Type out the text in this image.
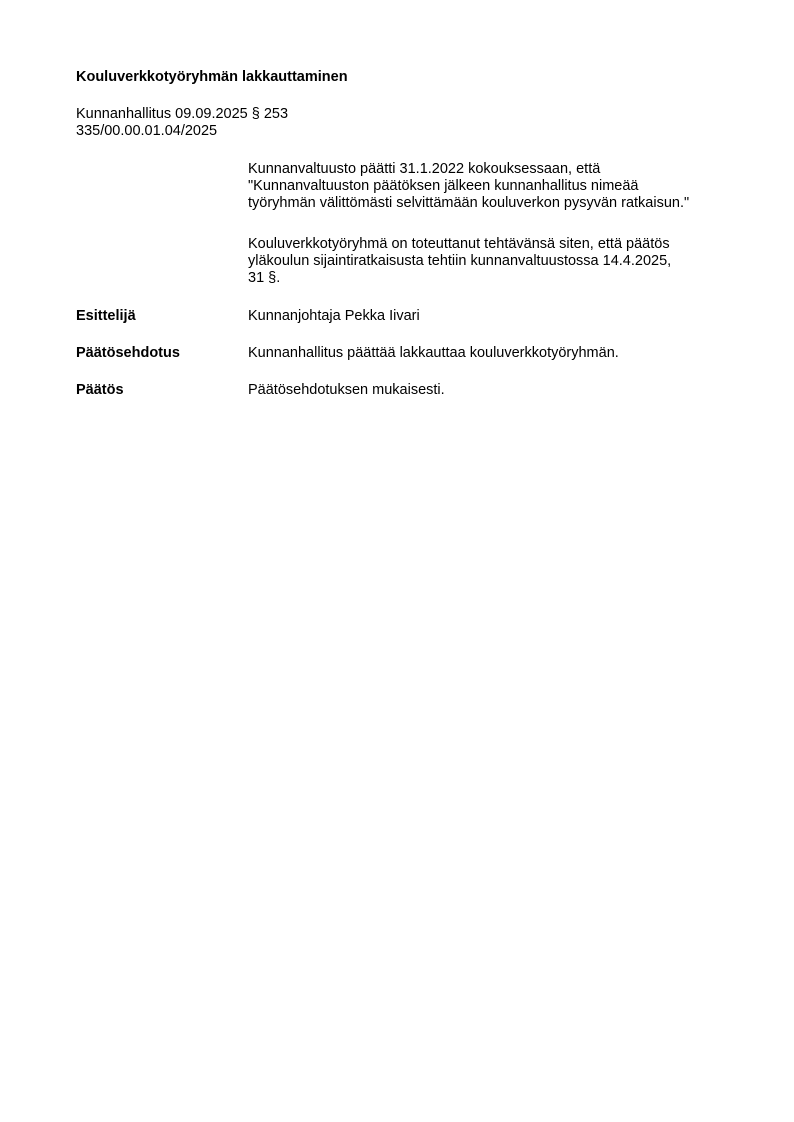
Kouluverkkotyöryhmän lakkauttaminen
Kunnanhallitus 09.09.2025 § 253
335/00.00.01.04/2025
Kunnanvaltuusto päätti 31.1.2022 kokouksessaan, että
"Kunnanvaltuuston päätöksen jälkeen kunnanhallitus nimeää
työryhmän välittömästi selvittämään kouluverkon pysyvän ratkaisun."
Kouluverkkotyöryhmä on toteuttanut tehtävänsä siten, että päätös
yläkoulun sijaintiratkaisusta tehtiin kunnanvaltuustossa 14.4.2025,
31 §.
Esittelijä	Kunnanjohtaja Pekka Iivari
Päätösehdotus	Kunnanhallitus päättää lakkauttaa kouluverkkotyöryhmän.
Päätös	Päätösehdotuksen mukaisesti.
